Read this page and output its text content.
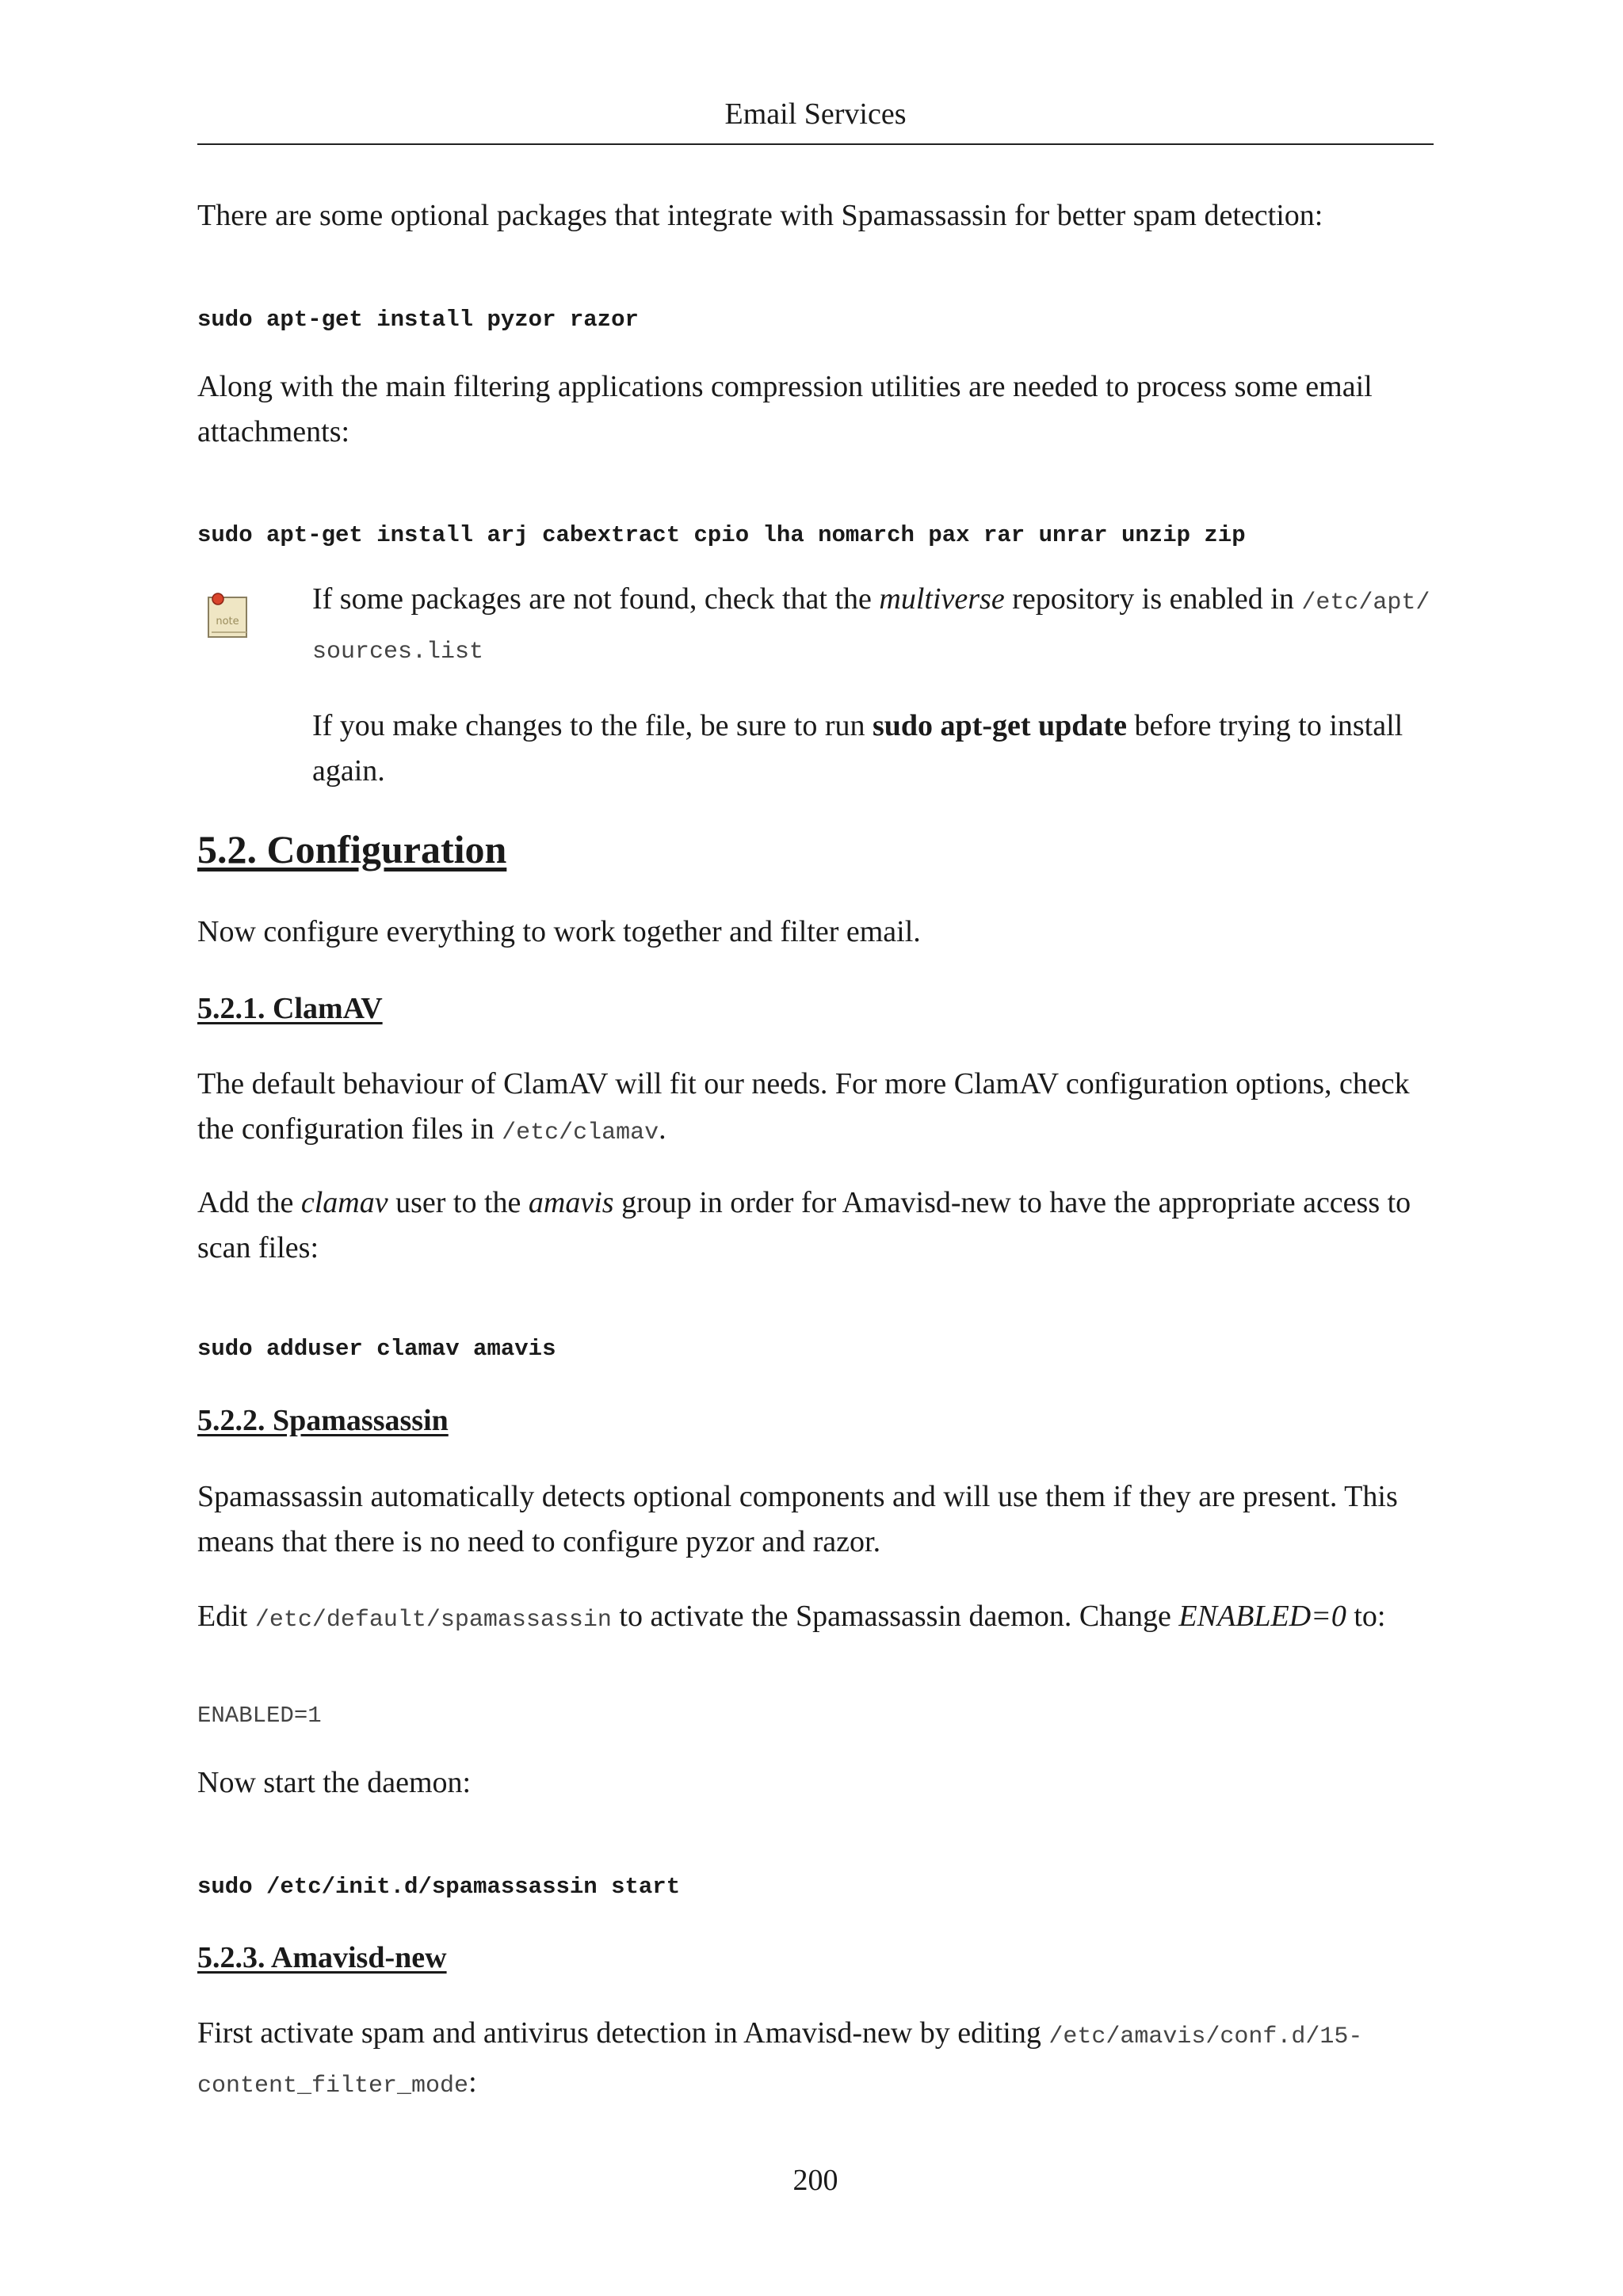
Email Services

There are some optional packages that integrate with Spamassassin for better spam detection:

sudo apt-get install pyzor razor

Along with the main filtering applications compression utilities are needed to process some email attachments:

sudo apt-get install arj cabextract cpio lha nomarch pax rar unrar unzip zip
note

If some packages are not found, check that the multiverse repository is enabled in /etc/apt/ sources.list

If you make changes to the file, be sure to run sudo apt-get update before trying to install again.

5.2. Configuration

Now configure everything to work together and filter email.

5.2.1. ClamAV

The default behaviour of ClamAV will fit our needs. For more ClamAV configuration options, check the configuration files in /etc/clamav.

Add the clamav user to the amavis group in order for Amavisd-new to have the appropriate access to scan files:

sudo adduser clamav amavis
5.2.2. Spamassassin

Spamassassin automatically detects optional components and will use them if they are present. This means that there is no need to configure pyzor and razor.

Edit /etc/default/spamassassin to activate the Spamassassin daemon. Change ENABLED=0 to:

ENABLED=1

Now start the daemon:

sudo /etc/init.d/spamassassin start
5.2.3. Amavisd-new

First activate spam and antivirus detection in Amavisd-new by editing /etc/amavis/conf.d/15- content_filter_mode:

200
